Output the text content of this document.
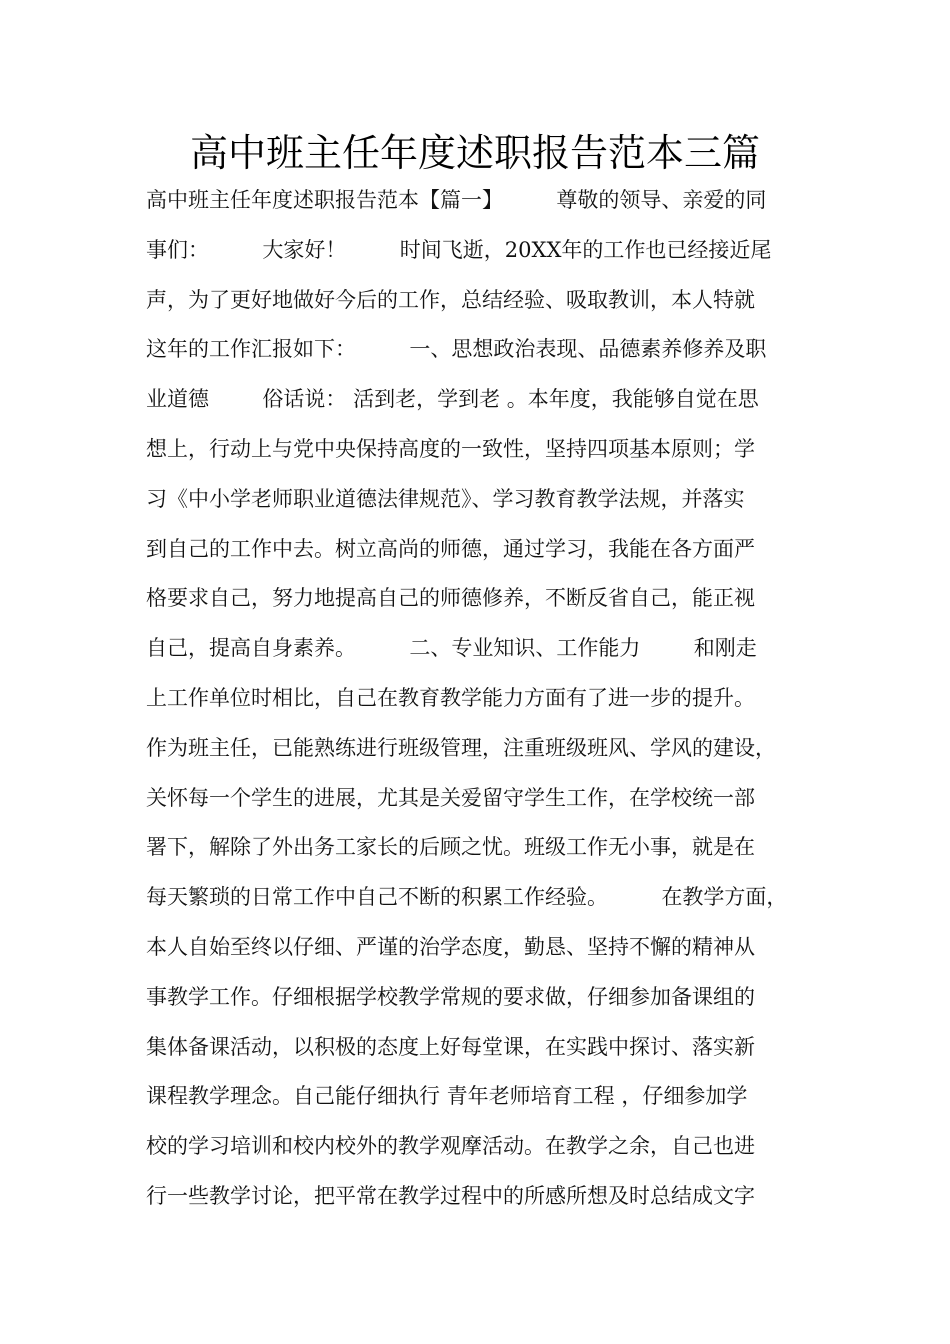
高中班主任年度述职报告范本三篇
高中班主任年度述职报告范本【篇一】        尊敬的领导、亲爱的同
事们：        大家好！        时间飞逝，20XX年的工作也已经接近尾
声，为了更好地做好今后的工作，总结经验、吸取教训，本人特就
这年的工作汇报如下：        一、思想政治表现、品德素养修养及职
业道德        俗话说： 活到老，学到老 。本年度，我能够自觉在思
想上，行动上与党中央保持高度的一致性，坚持四项基本原则；学
习《中小学老师职业道德法律规范》、学习教育教学法规，并落实
到自己的工作中去。树立高尚的师德，通过学习，我能在各方面严
格要求自己，努力地提高自己的师德修养，不断反省自己，能正视
自己，提高自身素养。        二、专业知识、工作能力        和刚走
上工作单位时相比，自己在教育教学能力方面有了进一步的提升。
作为班主任，已能熟练进行班级管理，注重班级班风、学风的建设，
关怀每一个学生的进展，尤其是关爱留守学生工作，在学校统一部
署下，解除了外出务工家长的后顾之忧。班级工作无小事，就是在
每天繁琐的日常工作中自己不断的积累工作经验。        在教学方面，
本人自始至终以仔细、严谨的治学态度，勤恳、坚持不懈的精神从
事教学工作。仔细根据学校教学常规的要求做，仔细参加备课组的
集体备课活动，以积极的态度上好每堂课，在实践中探讨、落实新
课程教学理念。自己能仔细执行 青年老师培育工程 ，仔细参加学
校的学习培训和校内校外的教学观摩活动。在教学之余，自己也进
行一些教学讨论，把平常在教学过程中的所感所想及时总结成文字
